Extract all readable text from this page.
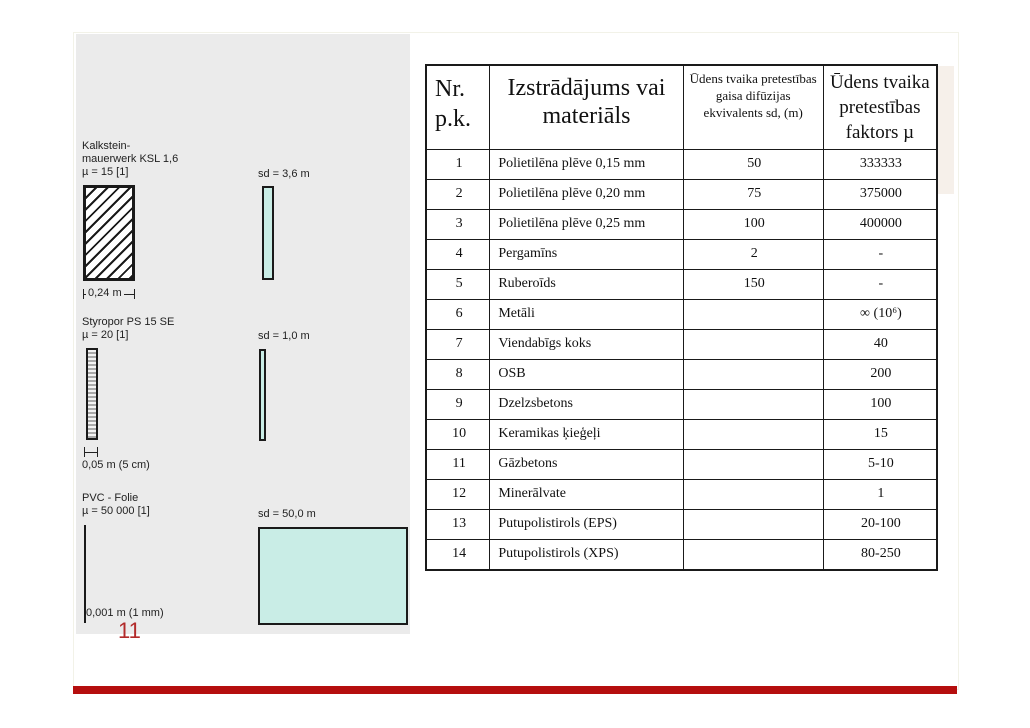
Kalkstein-
mauerwerk KSL 1,6
µ = 15 [1]
0,24 m
Styropor PS 15 SE
µ = 20 [1]
0,05 m (5 cm)
PVC - Folie
µ = 50 000 [1]
0,001 m (1 mm)
sd = 3,6 m
sd = 1,0 m
sd = 50,0 m
11
Nr. p.k.	Izstrādājums vai materiāls	Ūdens tvaika pretestības gaisa difūzijas ekvivalents sd, (m)	Ūdens tvaika pretestības faktors µ
1	Polietilēna plēve 0,15 mm	50	333333
2	Polietilēna plēve 0,20 mm	75	375000
3	Polietilēna plēve 0,25 mm	100	400000
4	Pergamīns	2	-
5	Ruberoīds	150	-
6	Metāli		∞ (10⁶)
7	Viendabīgs koks		40
8	OSB		200
9	Dzelzsbetons		100
10	Keramikas ķieģeļi		15
11	Gāzbetons		5-10
12	Minerālvate		1
13	Putupolistirols (EPS)		20-100
14	Putupolistirols (XPS)		80-250
